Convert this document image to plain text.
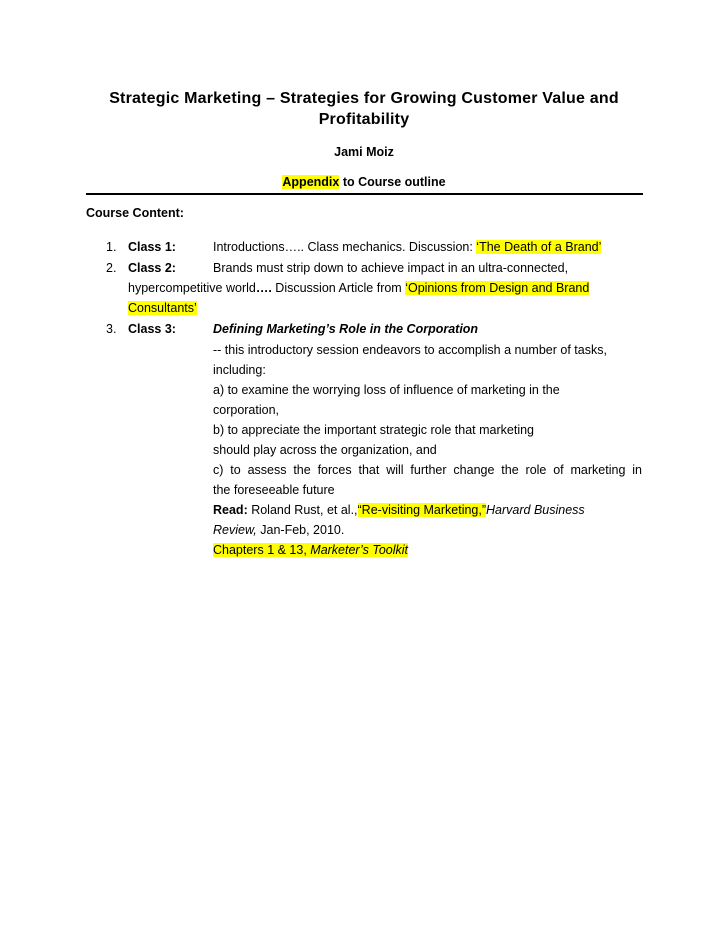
Strategic Marketing – Strategies for Growing Customer Value and
Profitability
Jami Moiz
Appendix to Course outline
Course Content:
1. Class 1:	Introductions….. Class mechanics. Discussion: ‘The Death of a Brand’
2. Class 2:	Brands must strip down to achieve impact in an ultra-connected,
hypercompetitive world…. Discussion Article from ‘Opinions from Design and Brand
Consultants’
3. Class 3:	Defining Marketing’s Role in the Corporation
-- this introductory session endeavors to accomplish a number of tasks,
including:
a) to examine the worrying loss of influence of marketing in the
corporation,
b) to appreciate the important strategic role that marketing
should play across the organization, and
c) to assess the forces that will further change the role of marketing in
the foreseeable future
Read: Roland Rust, et al.,“Re-visiting Marketing,”Harvard Business
Review, Jan-Feb, 2010.
Chapters 1 & 13, Marketer’s Toolkit
